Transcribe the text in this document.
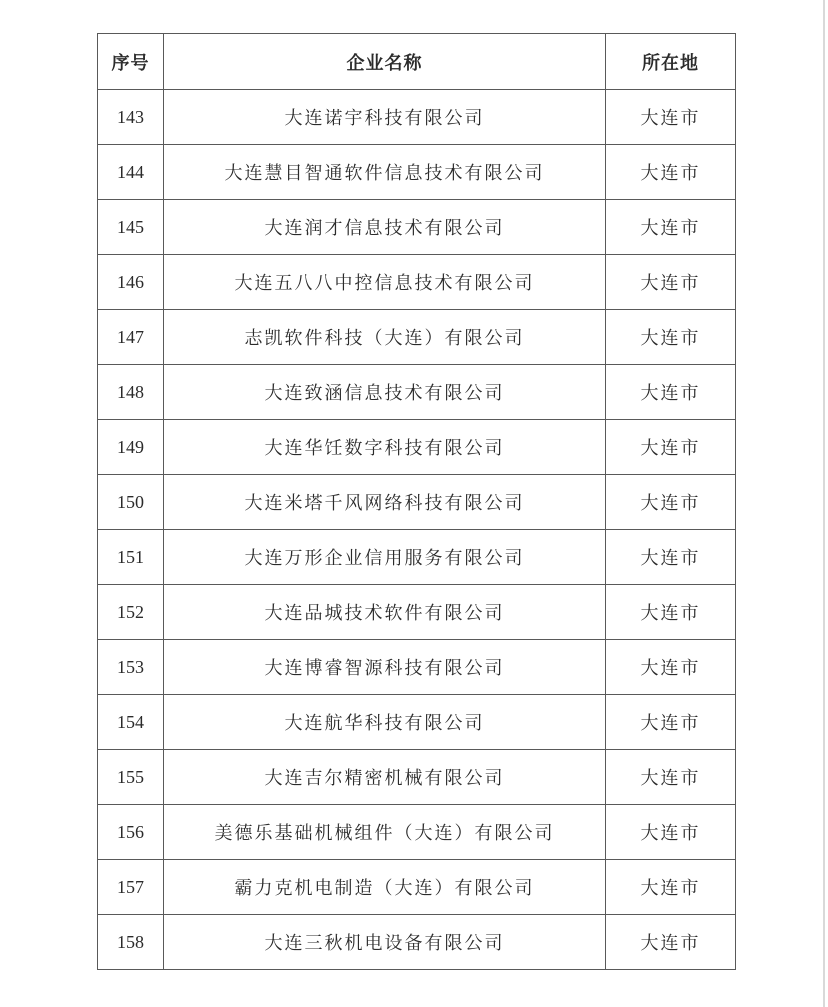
序号	企业名称	所在地
143	大连诺宇科技有限公司	大连市
144	大连慧目智通软件信息技术有限公司	大连市
145	大连润才信息技术有限公司	大连市
146	大连五八八中控信息技术有限公司	大连市
147	志凯软件科技（大连）有限公司	大连市
148	大连致涵信息技术有限公司	大连市
149	大连华饪数字科技有限公司	大连市
150	大连米塔千风网络科技有限公司	大连市
151	大连万形企业信用服务有限公司	大连市
152	大连品城技术软件有限公司	大连市
153	大连博睿智源科技有限公司	大连市
154	大连航华科技有限公司	大连市
155	大连吉尔精密机械有限公司	大连市
156	美德乐基础机械组件（大连）有限公司	大连市
157	霸力克机电制造（大连）有限公司	大连市
158	大连三秋机电设备有限公司	大连市
